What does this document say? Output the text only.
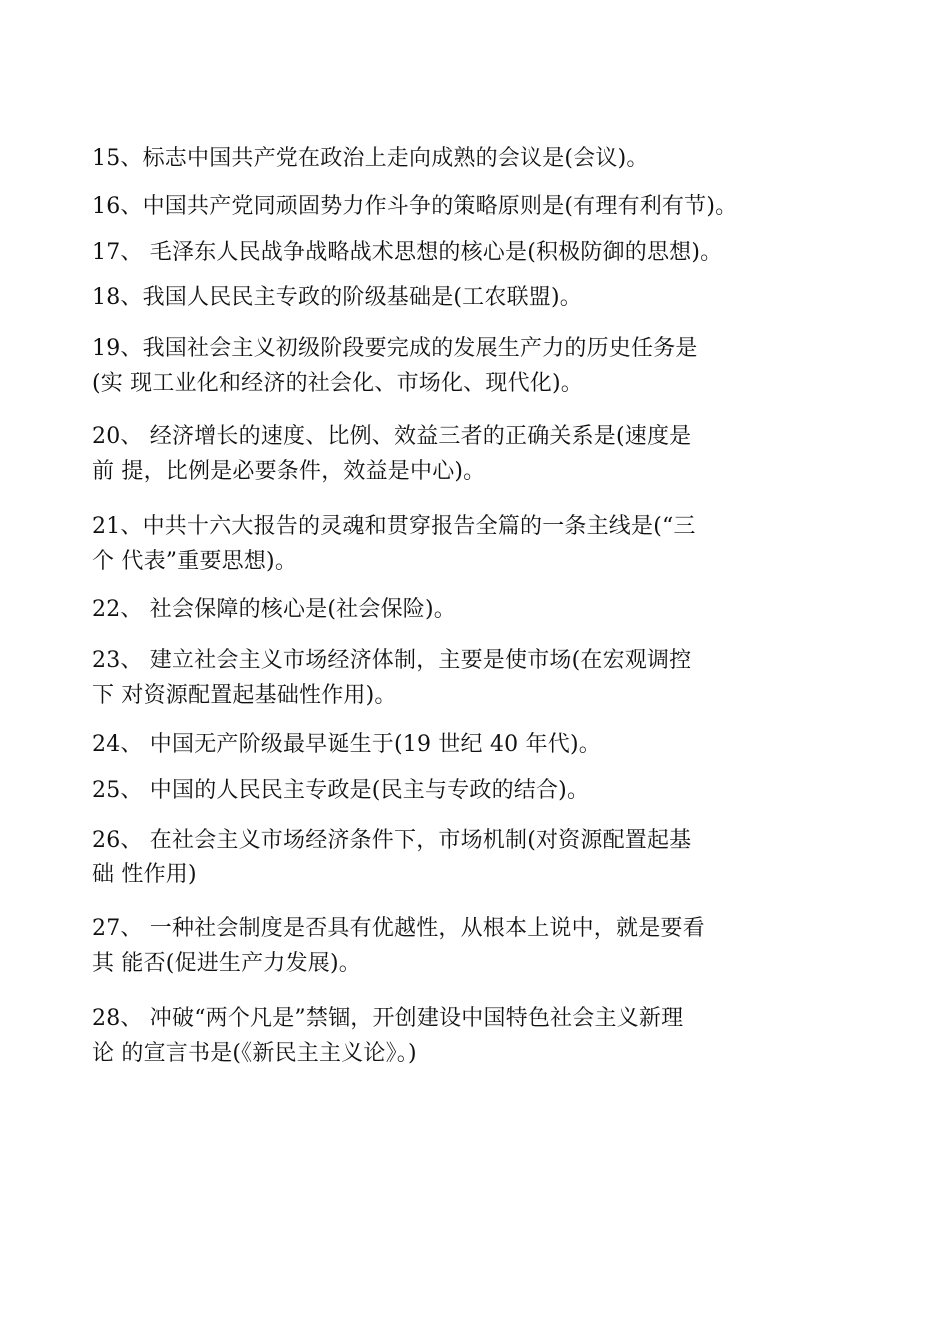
15、标志中国共产党在政治上走向成熟的会议是(会议)。

16、中国共产党同顽固势力作斗争的策略原则是(有理有利有节)。

17、 毛泽东人民战争战略战术思想的核心是(积极防御的思想)。

18、我国人民民主专政的阶级基础是(工农联盟)。

19、我国社会主义初级阶段要完成的发展生产力的历史任务是

(实 现工业化和经济的社会化、市场化、现代化)。

20、 经济增长的速度、比例、效益三者的正确关系是(速度是

前 提，比例是必要条件，效益是中心)。

21、中共十六大报告的灵魂和贯穿报告全篇的一条主线是(“三

个 代表”重要思想)。

22、 社会保障的核心是(社会保险)。

23、 建立社会主义市场经济体制，主要是使市场(在宏观调控

下 对资源配置起基础性作用)。

24、 中国无产阶级最早诞生于(19 世纪 40 年代)。

25、 中国的人民民主专政是(民主与专政的结合)。

26、 在社会主义市场经济条件下，市场机制(对资源配置起基

础 性作用)

27、 一种社会制度是否具有优越性，从根本上说中，就是要看

其 能否(促进生产力发展)。

28、 冲破“两个凡是”禁锢，开创建设中国特色社会主义新理

论 的宣言书是(《新民主主义论》。)
